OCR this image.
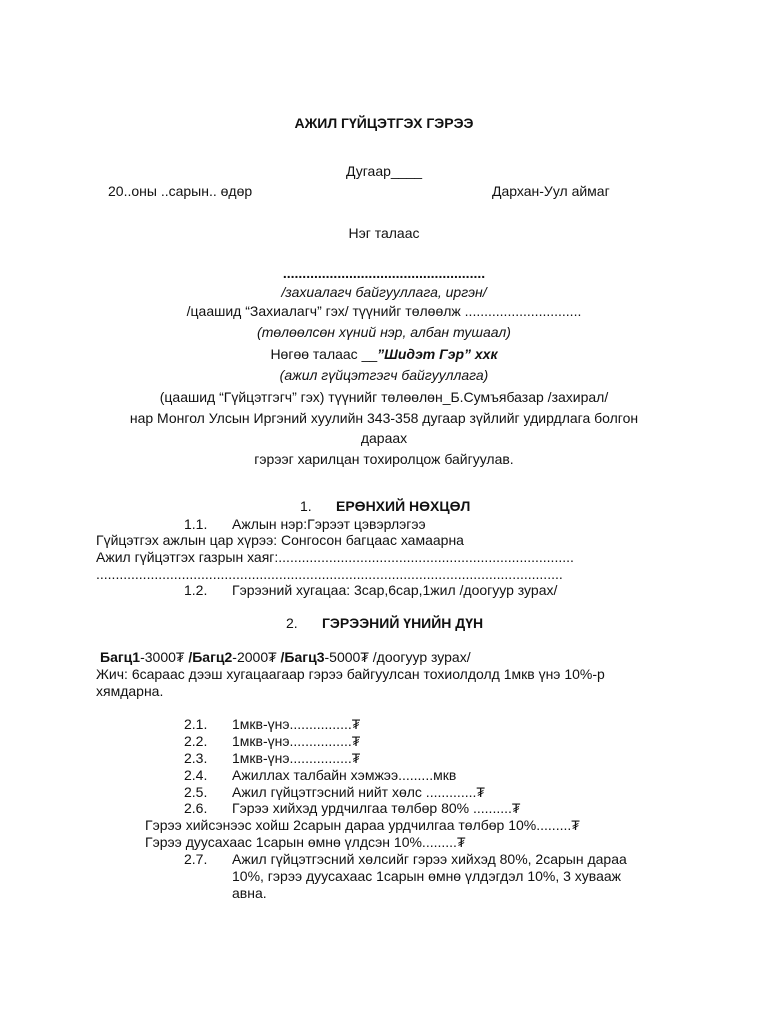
АЖИЛ ГҮЙЦЭТГЭХ ГЭРЭЭ
Дугаар____
20..оны ..сарын.. өдөр	Дархан-Уул аймаг
Нэг талаас
....................................................
/захиалагч байгууллага, иргэн/
/цаашид “Захиалагч” гэх/ түүнийг төлөөлж ..............................
(төлөөлсөн хүний нэр, албан тушаал)
Нөгөө талаас __”Шидэт Гэр” ххк
(ажил гүйцэтгэгч байгууллага)
(цаашид “Гүйцэтгэгч” гэх) түүнийг төлөөлөн_Б.Сумъябазар /захирал/
нар Монгол Улсын Иргэний хуулийн 343-358 дугаар зүйлийг удирдлага болгон
дараах
гэрээг харилцан тохиролцож байгуулав.
1. ЕРӨНХИЙ НӨХЦӨЛ
1.1. Ажлын нэр:Гэрээт цэвэрлэгээ
Гүйцэтгэх ажлын цар хүрээ: Сонгосон багцаас хамаарна
Ажил гүйцэтгэх газрын хаяг:............................................................................
........................................................................................................................
1.2. Гэрээний хугацаа: 3сар,6сар,1жил /доогуур зурах/
2. ГЭРЭЭНИЙ ҮНИЙН ДҮН
Багц1-3000₮ /Багц2-2000₮ /Багц3-5000₮ /доогуур зурах/
Жич: 6сараас дээш хугацаагаар гэрээ байгуулсан тохиолдолд 1мкв үнэ 10%-р
хямдарна.
2.1. 1мкв-үнэ................₮
2.2. 1мкв-үнэ................₮
2.3. 1мкв-үнэ................₮
2.4. Ажиллах талбайн хэмжээ.........мкв
2.5. Ажил гүйцэтгэсний нийт хөлс .............₮
2.6. Гэрээ хийхэд урдчилгаа төлбөр 80% ..........₮
Гэрээ хийсэнээс хойш 2сарын дараа урдчилгаа төлбөр 10%.........₮
Гэрээ дуусахаас 1сарын өмнө үлдсэн 10%.........₮
2.7. Ажил гүйцэтгэсний хөлсийг гэрээ хийхэд 80%, 2сарын дараа
10%, гэрээ дуусахаас 1сарын өмнө үлдэгдэл 10%, 3 хуваaж
авна.
